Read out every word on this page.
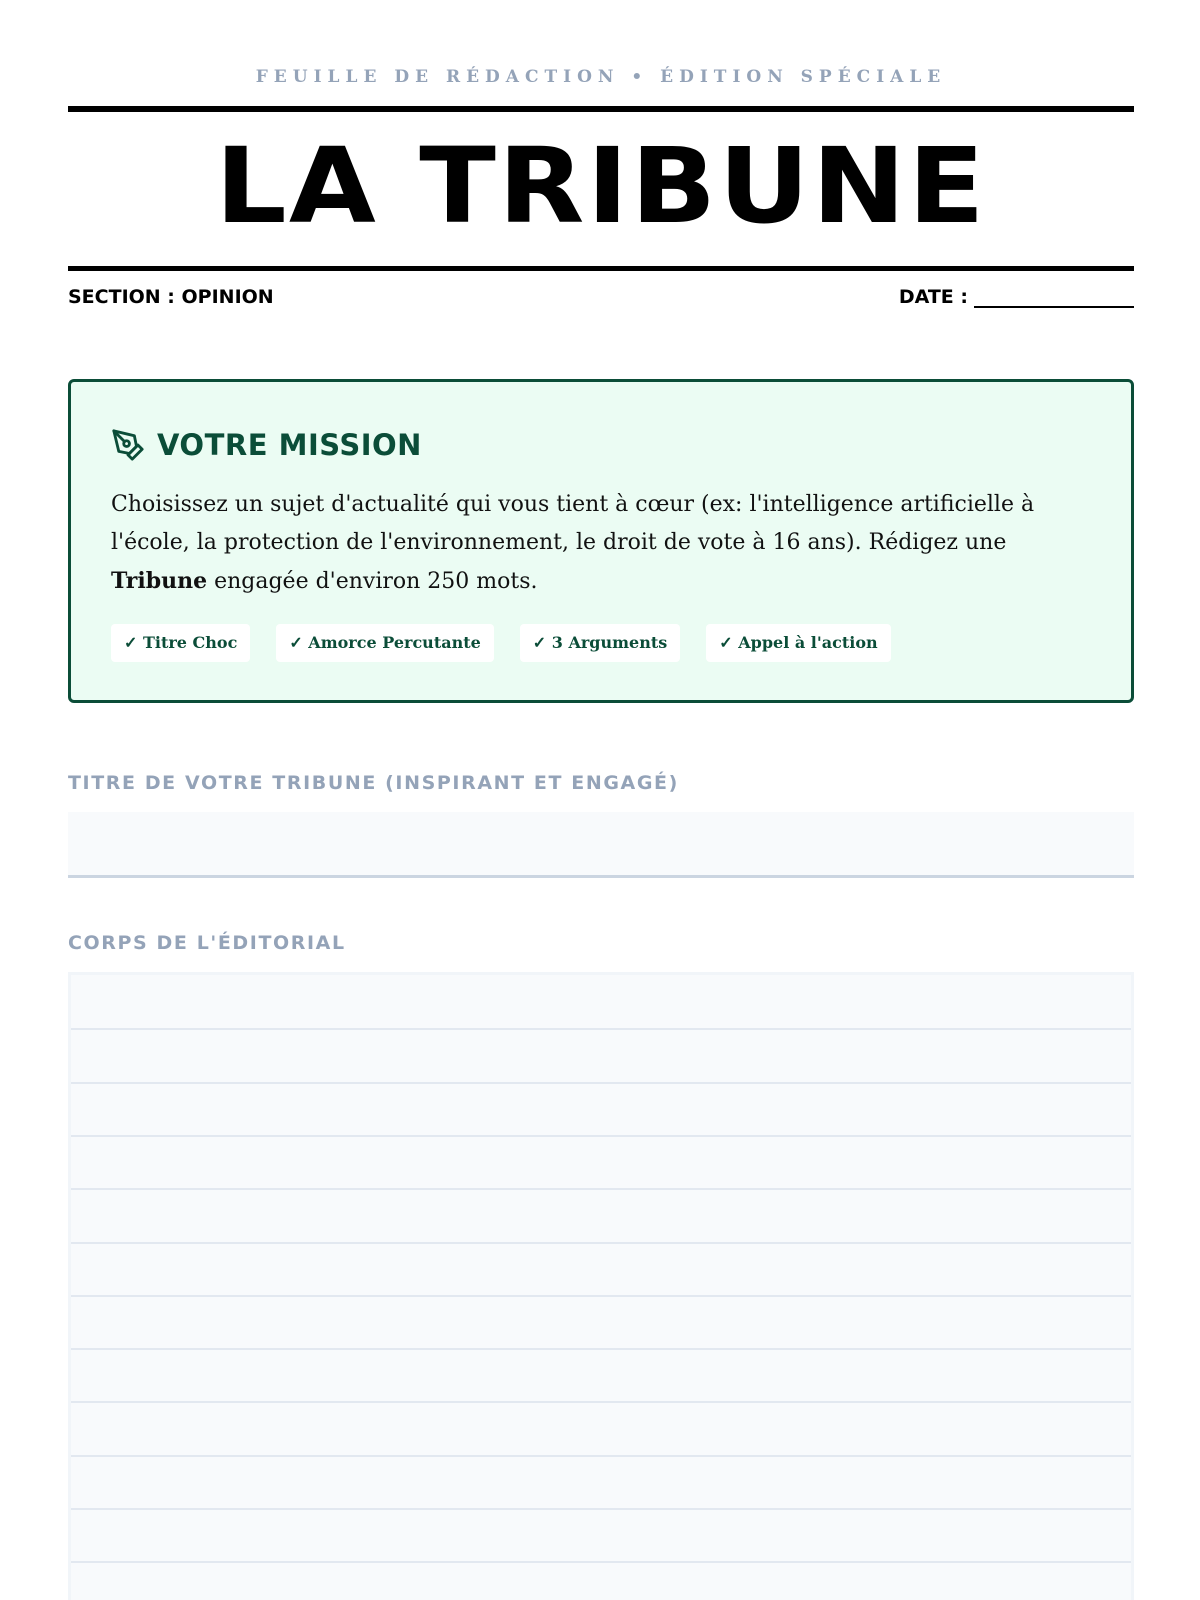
FEUILLE DE RÉDACTION • ÉDITION SPÉCIALE
LA TRIBUNE
SECTION : OPINION	DATE :
VOTRE MISSION

Choisissez un sujet d'actualité qui vous tient à cœur (ex: l'intelligence artificielle à l'école, la protection de l'environnement, le droit de vote à 16 ans). Rédigez une Tribune engagée d'environ 250 mots.

✓ Titre Choc	✓ Amorce Percutante	✓ 3 Arguments	✓ Appel à l'action
TITRE DE VOTRE TRIBUNE (INSPIRANT ET ENGAGÉ)
CORPS DE L'ÉDITORIAL
